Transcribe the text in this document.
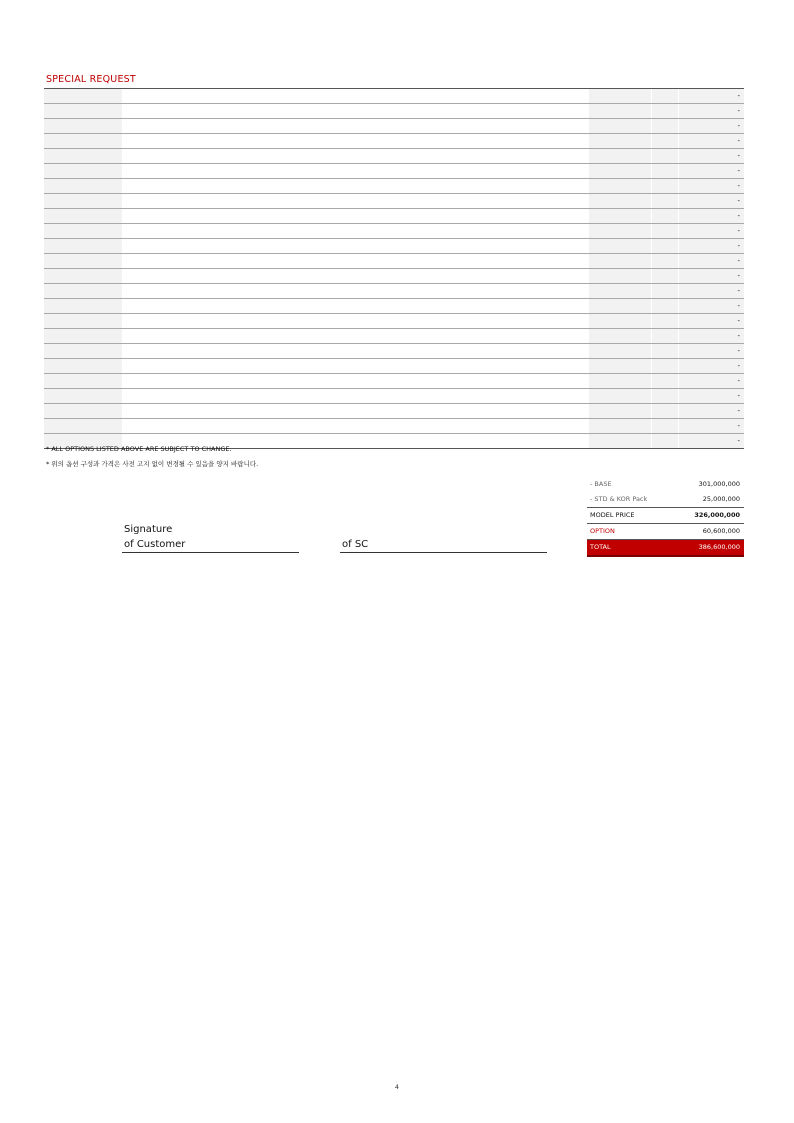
SPECIAL REQUEST
-
-
-
-
-
-
-
-
-
-
-
-
-
-
-
-
-
-
-
-
-
-
-
-
* ALL OPTIONS LISTED ABOVE ARE SUBJECT TO CHANGE.
* 위의 옵션 구성과 가격은 사전 고지 없이 변경될 수 있음을 양지 바랍니다.
Signature
of Customer	of SC
- BASE	301,000,000
- STD & KOR Pack	25,000,000
MODEL PRICE	326,000,000
OPTION	60,600,000
TOTAL	386,600,000
4
